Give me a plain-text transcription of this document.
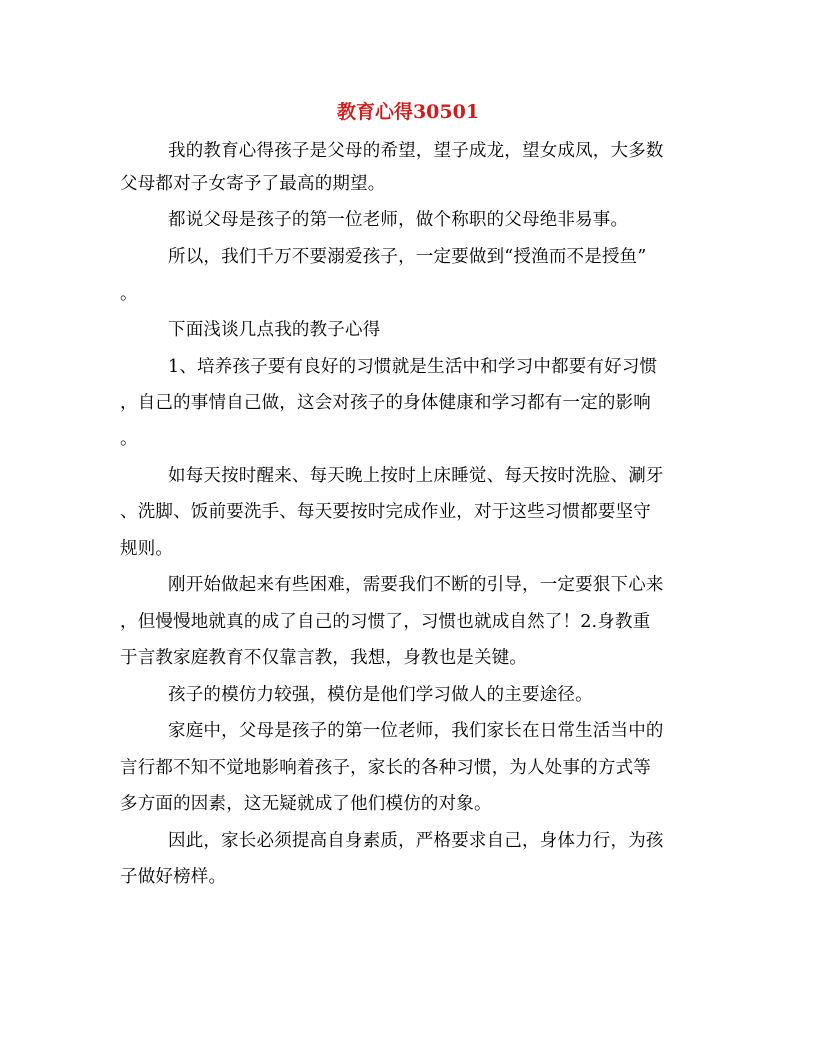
教育心得30501
我的教育心得孩子是父母的希望，望子成龙，望女成凤，大多数
父母都对子女寄予了最高的期望。
都说父母是孩子的第一位老师，做个称职的父母绝非易事。
所以，我们千万不要溺爱孩子，一定要做到“授渔而不是授鱼”
。
下面浅谈几点我的教子心得
1、培养孩子要有良好的习惯就是生活中和学习中都要有好习惯
，自己的事情自己做，这会对孩子的身体健康和学习都有一定的影响
。
如每天按时醒来、每天晚上按时上床睡觉、每天按时洗脸、涮牙
、洗脚、饭前要洗手、每天要按时完成作业，对于这些习惯都要坚守
规则。
刚开始做起来有些困难，需要我们不断的引导，一定要狠下心来
，但慢慢地就真的成了自己的习惯了，习惯也就成自然了！2.身教重
于言教家庭教育不仅靠言教，我想，身教也是关键。
孩子的模仿力较强，模仿是他们学习做人的主要途径。
家庭中，父母是孩子的第一位老师，我们家长在日常生活当中的
言行都不知不觉地影响着孩子，家长的各种习惯，为人处事的方式等
多方面的因素，这无疑就成了他们模仿的对象。
因此，家长必须提高自身素质，严格要求自己，身体力行，为孩
子做好榜样。
